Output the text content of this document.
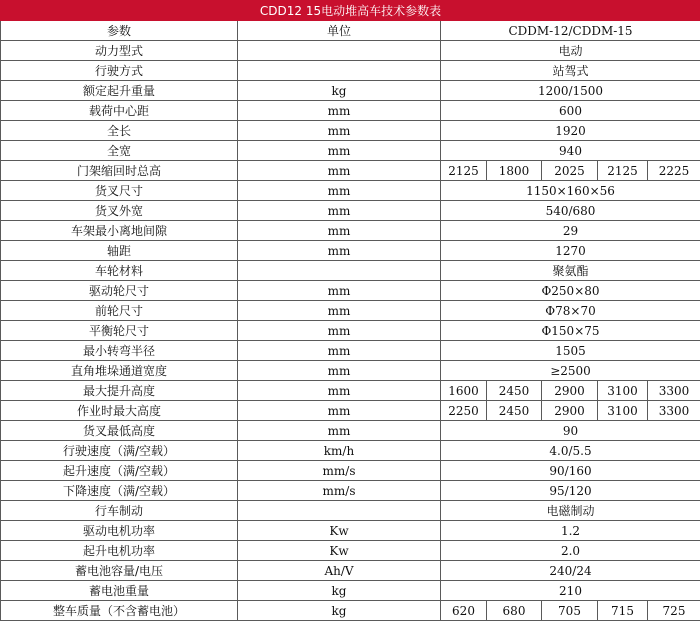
CDD12 15电动堆高车技术参数表						
参数	单位	CDDM-12/CDDM-15				
动力型式		电动				
行驶方式		站驾式				
额定起升重量	kg	1200/1500				
载荷中心距	mm	600				
全长	mm	1920				
全宽	mm	940				
门架缩回时总高	mm	2125	1800	2025	2125	2225
货叉尺寸	mm	1150×160×56				
货叉外宽	mm	540/680				
车架最小离地间隙	mm	29				
轴距	mm	1270				
车轮材料		聚氨酯				
驱动轮尺寸	mm	Φ250×80				
前轮尺寸	mm	Φ78×70				
平衡轮尺寸	mm	Φ150×75				
最小转弯半径	mm	1505				
直角堆垛通道宽度	mm	≥2500				
最大提升高度	mm	1600	2450	2900	3100	3300
作业时最大高度	mm	2250	2450	2900	3100	3300
货叉最低高度	mm	90				
行驶速度（满/空载）	km/h	4.0/5.5				
起升速度（满/空载）	mm/s	90/160				
下降速度（满/空载）	mm/s	95/120				
行车制动		电磁制动				
驱动电机功率	Kw	1.2				
起升电机功率	Kw	2.0				
蓄电池容量/电压	Ah/V	240/24				
蓄电池重量	kg	210				
整车质量（不含蓄电池）	kg	620	680	705	715	725
